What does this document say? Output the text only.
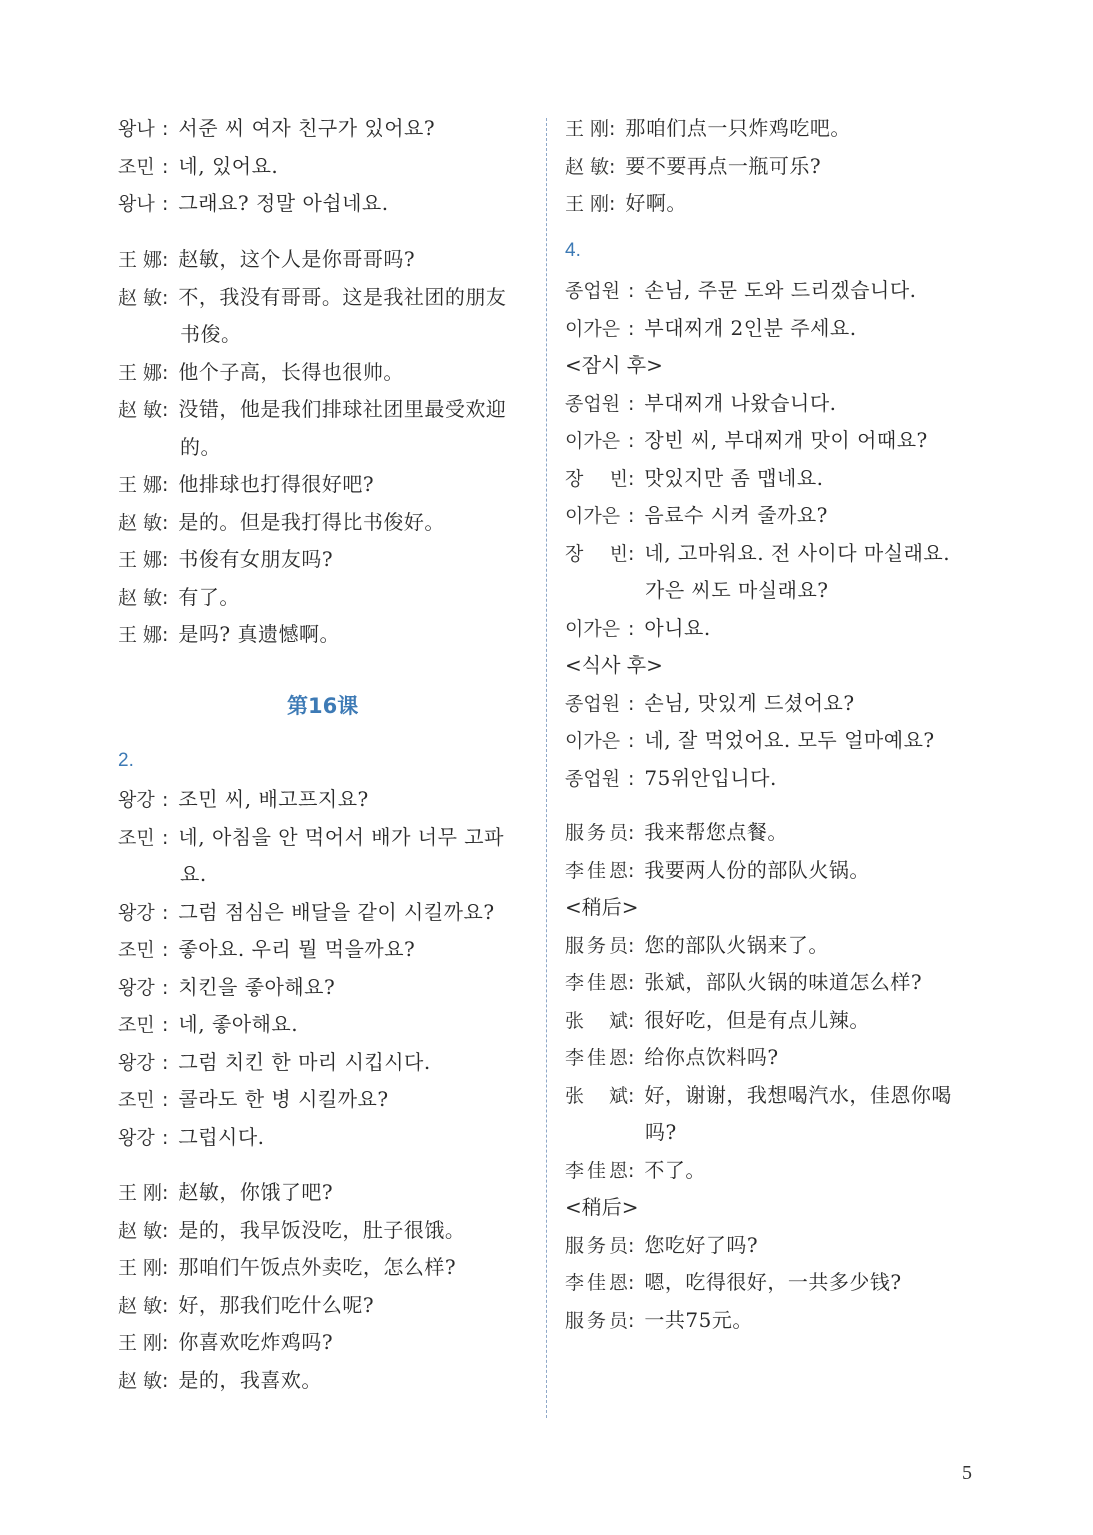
왕나 : 서준 씨 여자 친구가 있어요?
조민 : 네, 있어요.
왕나 : 그래요? 정말 아쉽네요.
王娜 : 赵敏，这个人是你哥哥吗?
赵敏 : 不，我没有哥哥。这是我社团的朋友
书俊。
王娜 : 他个子高，长得也很帅。
赵敏 : 没错，他是我们排球社团里最受欢迎
的。
王娜 : 他排球也打得很好吧?
赵敏 : 是的。但是我打得比书俊好。
王娜 : 书俊有女朋友吗?
赵敏 : 有了。
王娜 : 是吗? 真遗憾啊。
왕강 : 조민 씨, 배고프지요?
조민 : 네, 아침을 안 먹어서 배가 너무 고파
요.
왕강 : 그럼 점심은 배달을 같이 시킬까요?
조민 : 좋아요. 우리 뭘 먹을까요?
왕강 : 치킨을 좋아해요?
조민 : 네, 좋아해요.
왕강 : 그럼 치킨 한 마리 시킵시다.
조민 : 콜라도 한 병 시킬까요?
왕강 : 그럽시다.
王刚 : 赵敏，你饿了吧?
赵敏 : 是的，我早饭没吃，肚子很饿。
王刚 : 那咱们午饭点外卖吃，怎么样?
赵敏 : 好，那我们吃什么呢?
王刚 : 你喜欢吃炸鸡吗?
赵敏 : 是的，我喜欢。
2.
王刚 : 那咱们点一只炸鸡吃吧。
赵敏 : 要不要再点一瓶可乐?
王刚 : 好啊。
종업원 : 손님, 주문 도와 드리겠습니다.
이가은 : 부대찌개 2인분 주세요.
<잠시 후>
종업원 : 부대찌개 나왔습니다.
이가은 : 장빈 씨, 부대찌개 맛이 어때요?
장　빈 : 맛있지만 좀 맵네요.
이가은 : 음료수 시켜 줄까요?
장　빈 : 네, 고마워요. 전 사이다 마실래요.
가은 씨도 마실래요?
이가은 : 아니요.
<식사 후>
종업원 : 손님, 맛있게 드셨어요?
이가은 : 네, 잘 먹었어요. 모두 얼마예요?
종업원 : 75위안입니다.
服务员 : 我来帮您点餐。
李佳恩 : 我要两人份的部队火锅。
<稍后>
服务员 : 您的部队火锅来了。
李佳恩 : 张斌，部队火锅的味道怎么样?
张　斌 : 很好吃，但是有点儿辣。
李佳恩 : 给你点饮料吗?
张　斌 : 好，谢谢，我想喝汽水，佳恩你喝
吗?
李佳恩 : 不了。
<稍后>
服务员 : 您吃好了吗?
李佳恩 : 嗯，吃得很好，一共多少钱?
服务员 : 一共75元。
4.
第16课
5
